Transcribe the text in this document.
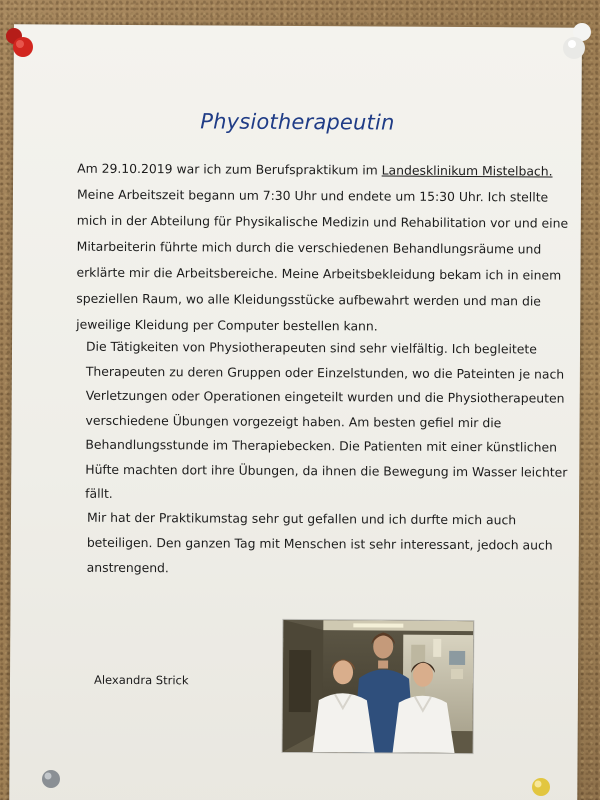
Physiotherapeutin
Am 29.10.2019 war ich zum Berufspraktikum im Landesklinikum Mistelbach.
Meine Arbeitszeit begann um 7:30 Uhr und endete um 15:30 Uhr. Ich stellte
mich in der Abteilung für Physikalische Medizin und Rehabilitation vor und eine
Mitarbeiterin führte mich durch die verschiedenen Behandlungsräume und
erklärte mir die Arbeitsbereiche. Meine Arbeitsbekleidung bekam ich in einem
speziellen Raum, wo alle Kleidungsstücke aufbewahrt werden und man die
jeweilige Kleidung per Computer bestellen kann.
Die Tätigkeiten von Physiotherapeuten sind sehr vielfältig. Ich begleitete
Therapeuten zu deren Gruppen oder Einzelstunden, wo die Pateinten je nach
Verletzungen oder Operationen eingeteilt wurden und die Physiotherapeuten
verschiedene Übungen vorgezeigt haben. Am besten gefiel mir die
Behandlungsstunde im Therapiebecken. Die Patienten mit einer künstlichen
Hüfte machten dort ihre Übungen, da ihnen die Bewegung im Wasser leichter
fällt.
Mir hat der Praktikumstag sehr gut gefallen und ich durfte mich auch
beteiligen. Den ganzen Tag mit Menschen ist sehr interessant, jedoch auch
anstrengend.
Alexandra Strick
